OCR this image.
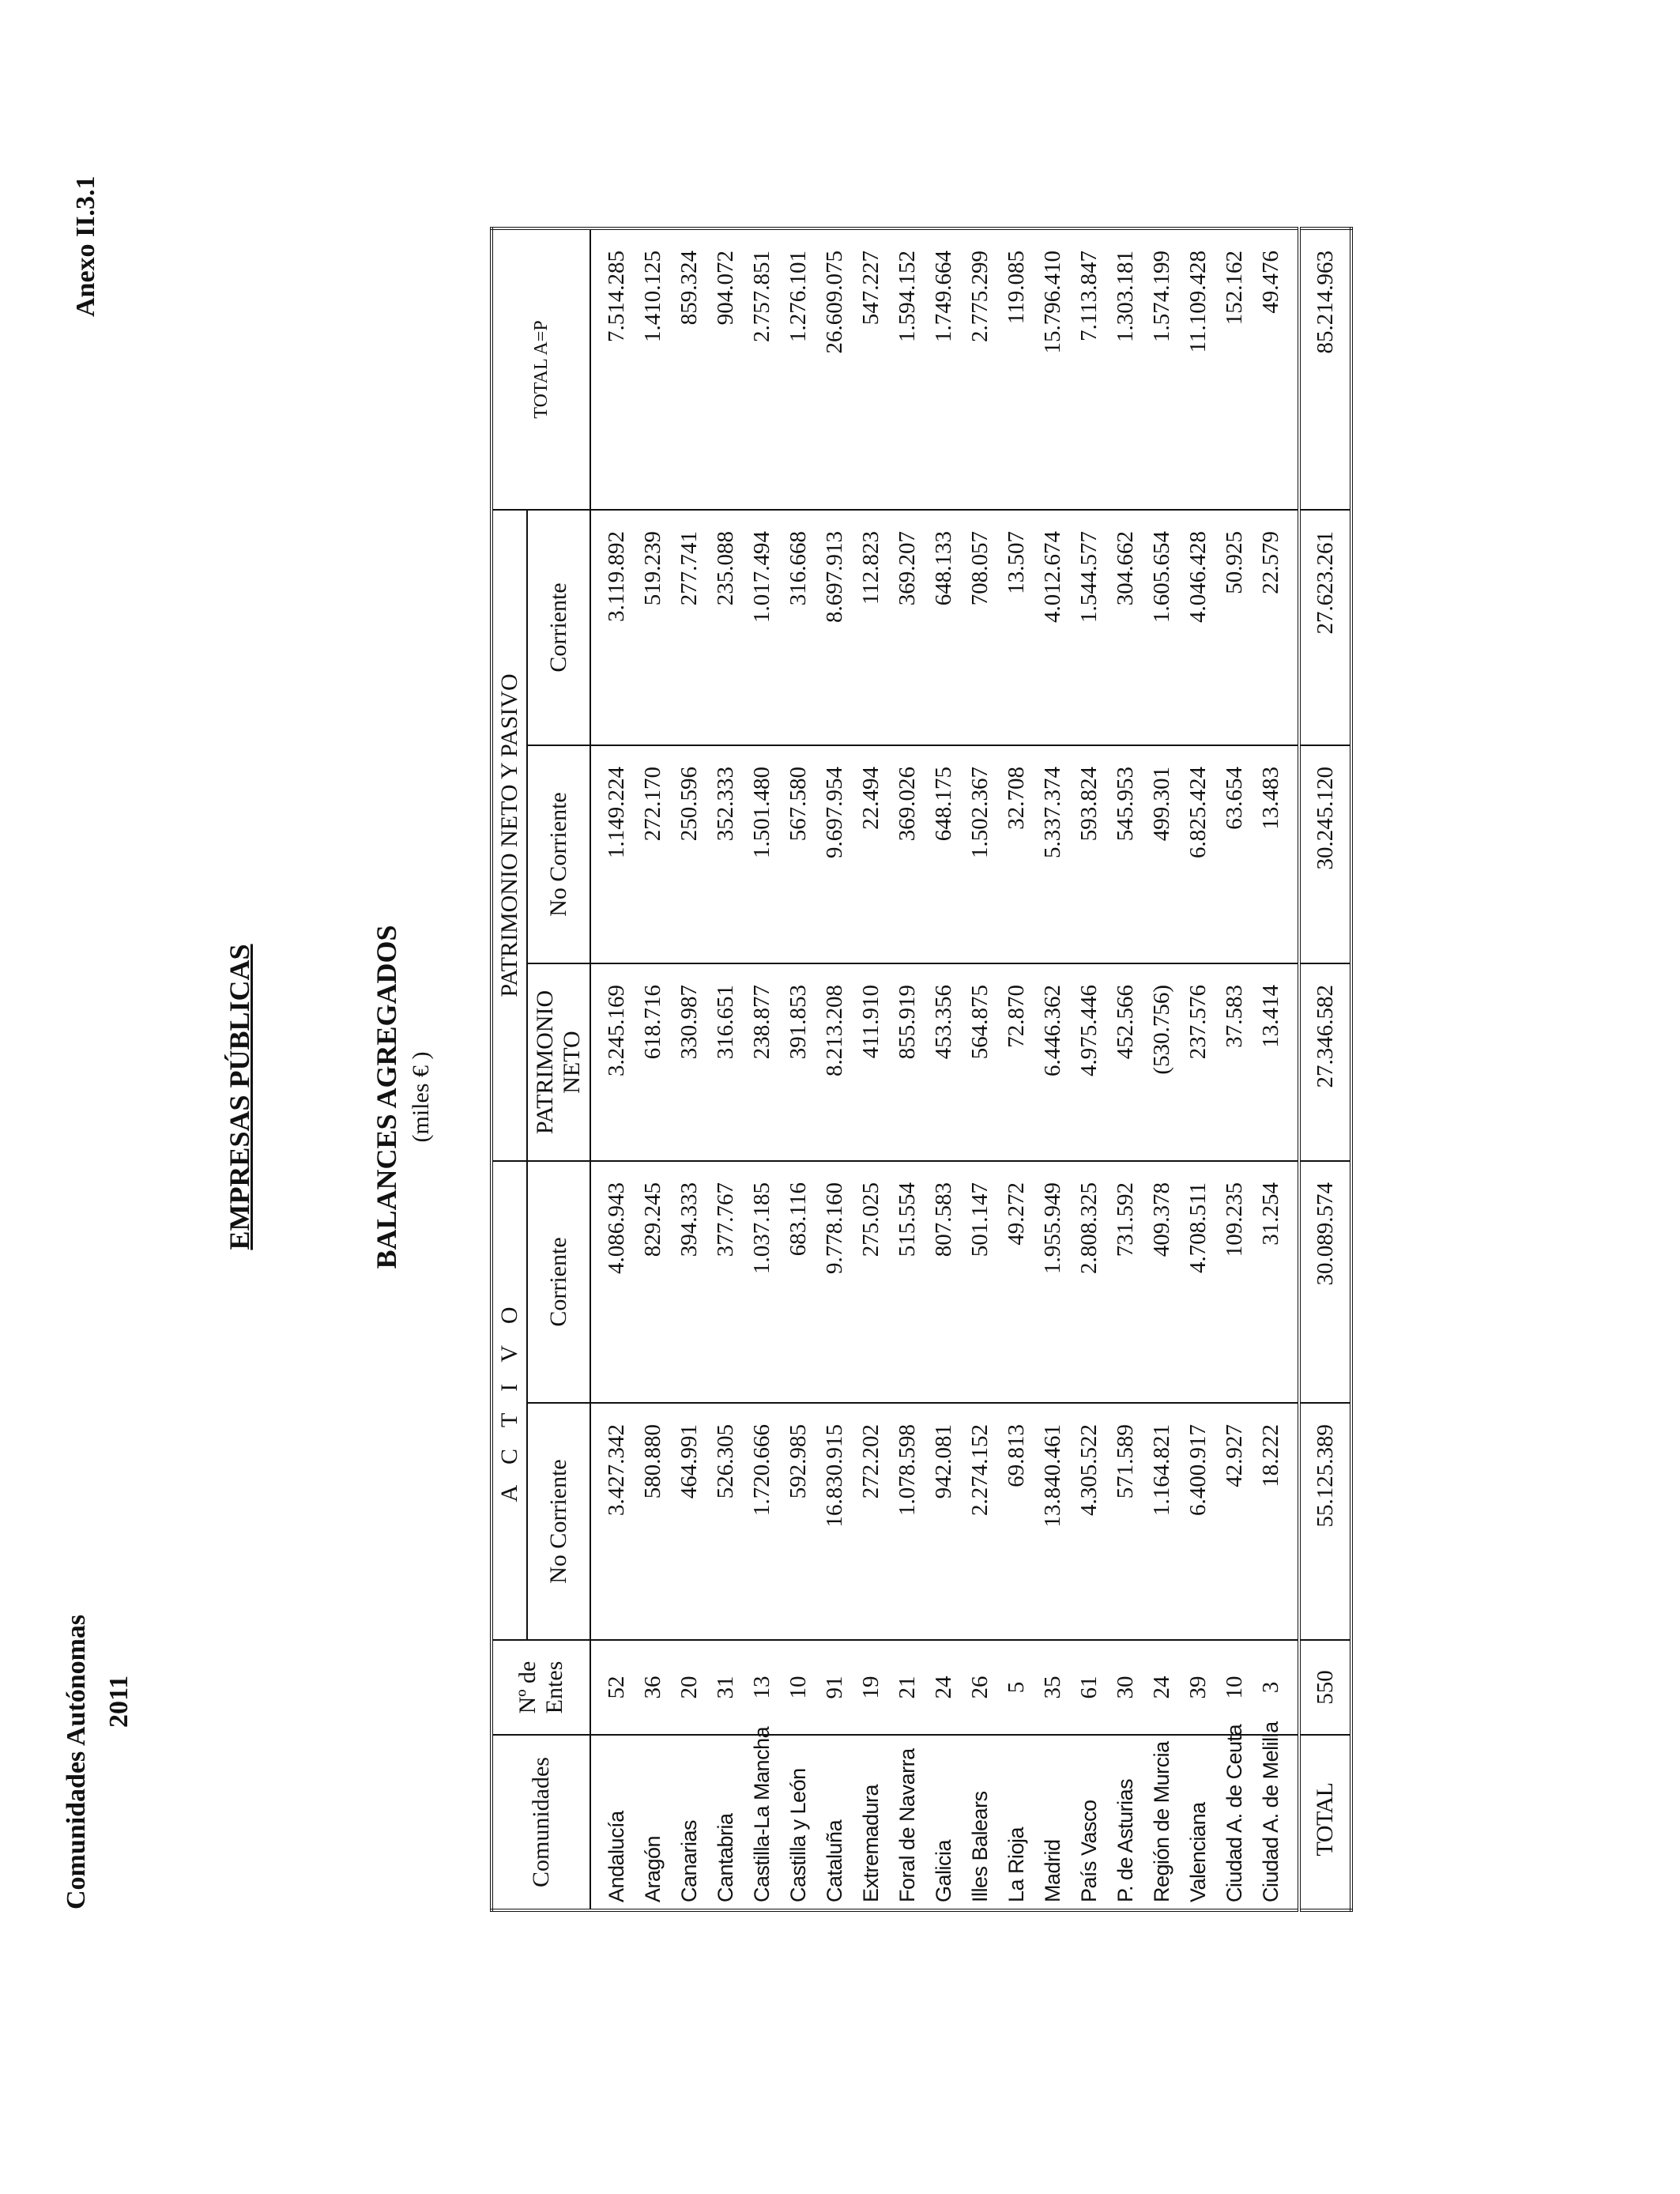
Comunidades Autónomas 2011
Anexo II.3.1
EMPRESAS PÚBLICAS	BALANCES AGREGADOS (miles € )
Comunidades	Nº de Entes	A C T I V O		PATRIMONIO NETO Y PASIVO			TOTAL A=P
		No Corriente	Corriente	PATRIMONIO NETO	No Corriente	Corriente	
Andalucía	52	3.427.342	4.086.943	3.245.169	1.149.224	3.119.892	7.514.285
Aragón	36	580.880	829.245	618.716	272.170	519.239	1.410.125
Canarias	20	464.991	394.333	330.987	250.596	277.741	859.324
Cantabria	31	526.305	377.767	316.651	352.333	235.088	904.072
Castilla-La Mancha	13	1.720.666	1.037.185	238.877	1.501.480	1.017.494	2.757.851
Castilla y León	10	592.985	683.116	391.853	567.580	316.668	1.276.101
Cataluña	91	16.830.915	9.778.160	8.213.208	9.697.954	8.697.913	26.609.075
Extremadura	19	272.202	275.025	411.910	22.494	112.823	547.227
Foral de Navarra	21	1.078.598	515.554	855.919	369.026	369.207	1.594.152
Galicia	24	942.081	807.583	453.356	648.175	648.133	1.749.664
Illes Balears	26	2.274.152	501.147	564.875	1.502.367	708.057	2.775.299
La Rioja	5	69.813	49.272	72.870	32.708	13.507	119.085
Madrid	35	13.840.461	1.955.949	6.446.362	5.337.374	4.012.674	15.796.410
País Vasco	61	4.305.522	2.808.325	4.975.446	593.824	1.544.577	7.113.847
P. de Asturias	30	571.589	731.592	452.566	545.953	304.662	1.303.181
Región de Murcia	24	1.164.821	409.378	(530.756)	499.301	1.605.654	1.574.199
Valenciana	39	6.400.917	4.708.511	237.576	6.825.424	4.046.428	11.109.428
Ciudad A. de Ceuta	10	42.927	109.235	37.583	63.654	50.925	152.162
Ciudad A. de Melilla	3	18.222	31.254	13.414	13.483	22.579	49.476
TOTAL	550	55.125.389	30.089.574	27.346.582	30.245.120	27.623.261	85.214.963
